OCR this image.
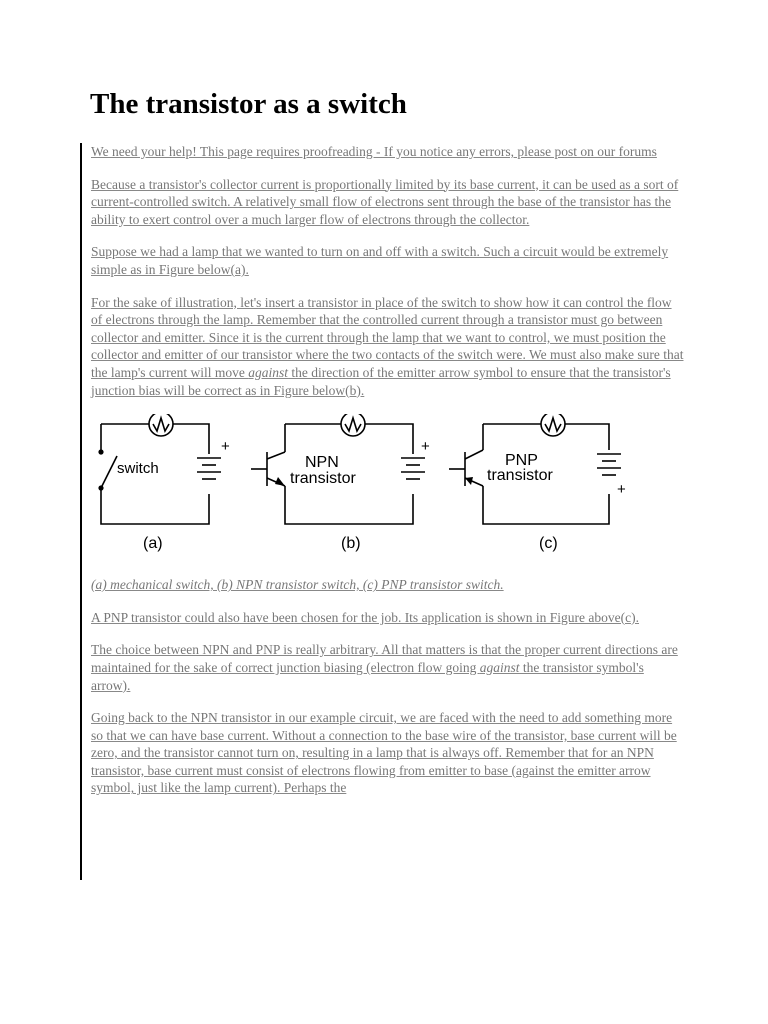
The transistor as a switch

We need your help! This page requires proofreading - If you notice any errors, please post on our forums

Because a transistor's collector current is proportionally limited by its base current, it can be used as a sort of current-controlled switch. A relatively small flow of electrons sent through the base of the transistor has the ability to exert control over a much larger flow of electrons through the collector.

Suppose we had a lamp that we wanted to turn on and off with a switch. Such a circuit would be extremely simple as in Figure below(a).

For the sake of illustration, let's insert a transistor in place of the switch to show how it can control the flow of electrons through the lamp. Remember that the controlled current through a transistor must go between collector and emitter. Since it is the current through the lamp that we want to control, we must position the collector and emitter of our transistor where the two contacts of the switch were. We must also make sure that the lamp's current will move against the direction of the emitter arrow symbol to ensure that the transistor's junction bias will be correct as in Figure below(b).

switch
+
NPN
transistor
+
PNP
transistor
+
(a)	(b)	(c)

(a) mechanical switch, (b) NPN transistor switch, (c) PNP transistor switch.

A PNP transistor could also have been chosen for the job. Its application is shown in Figure above(c).

The choice between NPN and PNP is really arbitrary. All that matters is that the proper current directions are maintained for the sake of correct junction biasing (electron flow going against the transistor symbol's arrow).

Going back to the NPN transistor in our example circuit, we are faced with the need to add something more so that we can have base current. Without a connection to the base wire of the transistor, base current will be zero, and the transistor cannot turn on, resulting in a lamp that is always off. Remember that for an NPN transistor, base current must consist of electrons flowing from emitter to base (against the emitter arrow symbol, just like the lamp current). Perhaps the
